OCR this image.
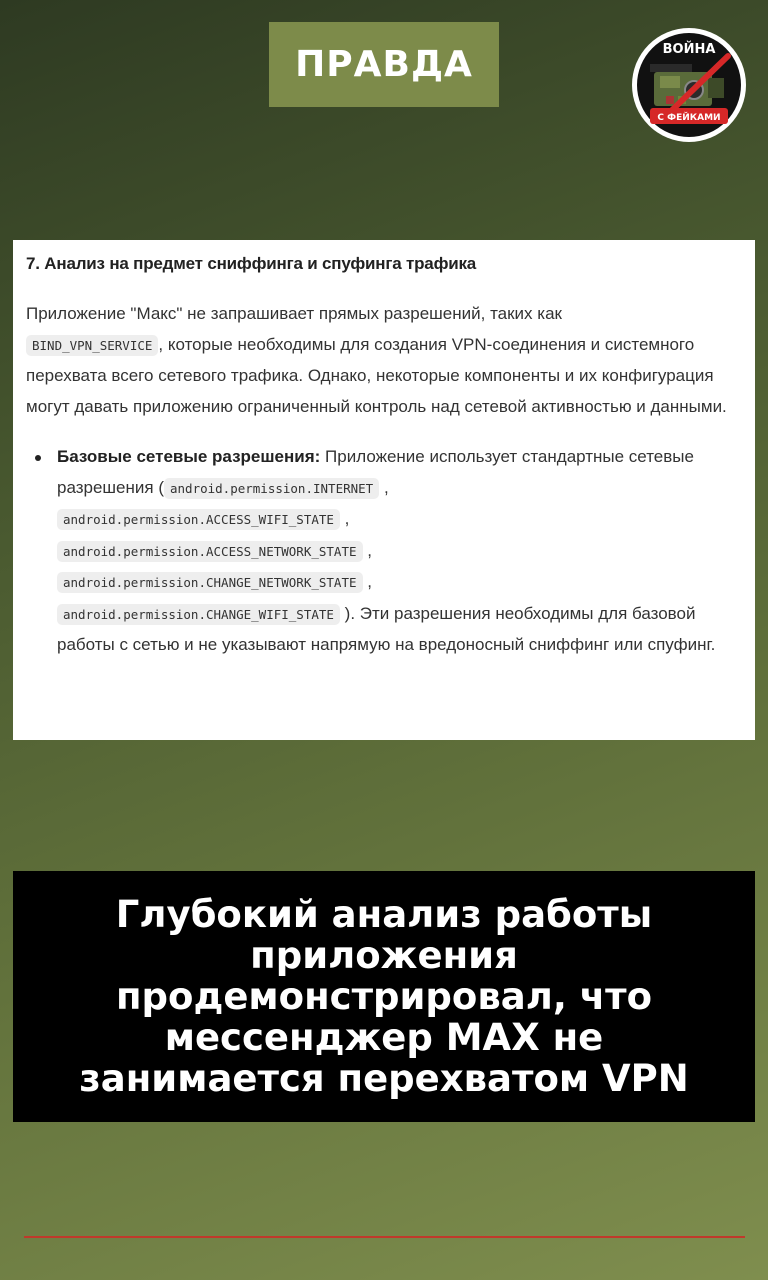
ПРАВДА	ВОЙНА
С ФЕЙКАМИ
7. Анализ на предмет сниффинга и спуфинга трафика

Приложение "Макс" не запрашивает прямых разрешений, таких как
BIND_VPN_SERVICE , которые необходимы для создания VPN-соединения и системного перехвата всего сетевого трафика. Однако, некоторые компоненты и их конфигурация могут давать приложению ограниченный контроль над сетевой активностью и данными.

Базовые сетевые разрешения: Приложение использует стандартные сетевые разрешения ( android.permission.INTERNET ,
android.permission.ACCESS_WIFI_STATE ,
android.permission.ACCESS_NETWORK_STATE ,
android.permission.CHANGE_NETWORK_STATE ,
android.permission.CHANGE_WIFI_STATE ). Эти разрешения необходимы для базовой работы с сетью и не указывают напрямую на вредоносный сниффинг или спуфинг.
Глубокий анализ работы приложения продемонстрировал, что мессенджер MAX не занимается перехватом VPN
